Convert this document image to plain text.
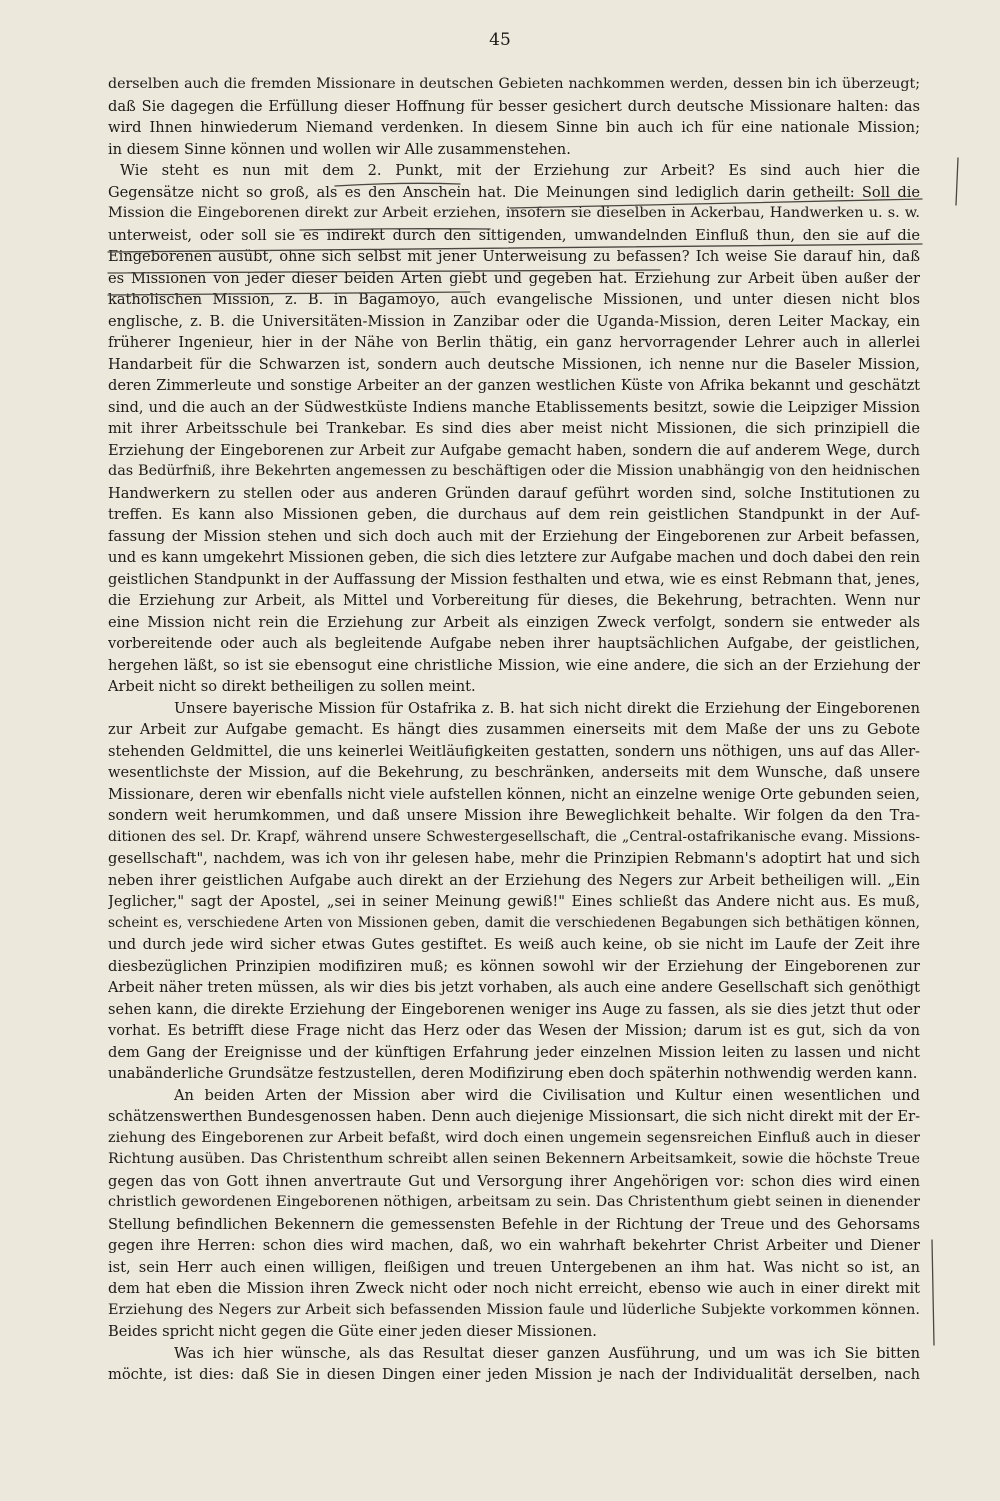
45
derselben auch die fremden Missionare in deutschen Gebieten nachkommen werden, dessen bin ich überzeugt;
daß Sie dagegen die Erfüllung dieser Hoffnung für besser gesichert durch deutsche Missionare halten: das
wird Ihnen hinwiederum Niemand verdenken. In diesem Sinne bin auch ich für eine nationale Mission;
in diesem Sinne können und wollen wir Alle zusammenstehen.
Wie steht es nun mit dem 2. Punkt, mit der Erziehung zur Arbeit? Es sind auch hier die
Gegensätze nicht so groß, als es den Anschein hat. Die Meinungen sind lediglich darin getheilt: Soll die
Mission die Eingeborenen direkt zur Arbeit erziehen, insofern sie dieselben in Ackerbau, Handwerken u. s. w.
unterweist, oder soll sie es indirekt durch den sittigenden, umwandelnden Einfluß thun, den sie auf die
Eingeborenen ausübt, ohne sich selbst mit jener Unterweisung zu befassen? Ich weise Sie darauf hin, daß
es Missionen von jeder dieser beiden Arten giebt und gegeben hat. Erziehung zur Arbeit üben außer der
katholischen Mission, z. B. in Bagamoyo, auch evangelische Missionen, und unter diesen nicht blos
englische, z. B. die Universitäten-Mission in Zanzibar oder die Uganda-Mission, deren Leiter Mackay, ein
früherer Ingenieur, hier in der Nähe von Berlin thätig, ein ganz hervorragender Lehrer auch in allerlei
Handarbeit für die Schwarzen ist, sondern auch deutsche Missionen, ich nenne nur die Baseler Mission,
deren Zimmerleute und sonstige Arbeiter an der ganzen westlichen Küste von Afrika bekannt und geschätzt
sind, und die auch an der Südwestküste Indiens manche Etablissements besitzt, sowie die Leipziger Mission
mit ihrer Arbeitsschule bei Trankebar. Es sind dies aber meist nicht Missionen, die sich prinzipiell die
Erziehung der Eingeborenen zur Arbeit zur Aufgabe gemacht haben, sondern die auf anderem Wege, durch
das Bedürfniß, ihre Bekehrten angemessen zu beschäftigen oder die Mission unabhängig von den heidnischen
Handwerkern zu stellen oder aus anderen Gründen darauf geführt worden sind, solche Institutionen zu
treffen. Es kann also Missionen geben, die durchaus auf dem rein geistlichen Standpunkt in der Auf-
fassung der Mission stehen und sich doch auch mit der Erziehung der Eingeborenen zur Arbeit befassen,
und es kann umgekehrt Missionen geben, die sich dies letztere zur Aufgabe machen und doch dabei den rein
geistlichen Standpunkt in der Auffassung der Mission festhalten und etwa, wie es einst Rebmann that, jenes,
die Erziehung zur Arbeit, als Mittel und Vorbereitung für dieses, die Bekehrung, betrachten. Wenn nur
eine Mission nicht rein die Erziehung zur Arbeit als einzigen Zweck verfolgt, sondern sie entweder als
vorbereitende oder auch als begleitende Aufgabe neben ihrer hauptsächlichen Aufgabe, der geistlichen,
hergehen läßt, so ist sie ebensogut eine christliche Mission, wie eine andere, die sich an der Erziehung der
Arbeit nicht so direkt betheiligen zu sollen meint.
Unsere bayerische Mission für Ostafrika z. B. hat sich nicht direkt die Erziehung der Eingeborenen
zur Arbeit zur Aufgabe gemacht. Es hängt dies zusammen einerseits mit dem Maße der uns zu Gebote
stehenden Geldmittel, die uns keinerlei Weitläufigkeiten gestatten, sondern uns nöthigen, uns auf das Aller-
wesentlichste der Mission, auf die Bekehrung, zu beschränken, anderseits mit dem Wunsche, daß unsere
Missionare, deren wir ebenfalls nicht viele aufstellen können, nicht an einzelne wenige Orte gebunden seien,
sondern weit herumkommen, und daß unsere Mission ihre Beweglichkeit behalte. Wir folgen da den Tra-
ditionen des sel. Dr. Krapf, während unsere Schwestergesellschaft, die „Central-ostafrikanische evang. Missions-
gesellschaft", nachdem, was ich von ihr gelesen habe, mehr die Prinzipien Rebmann's adoptirt hat und sich
neben ihrer geistlichen Aufgabe auch direkt an der Erziehung des Negers zur Arbeit betheiligen will. „Ein
Jeglicher," sagt der Apostel, „sei in seiner Meinung gewiß!" Eines schließt das Andere nicht aus. Es muß,
scheint es, verschiedene Arten von Missionen geben, damit die verschiedenen Begabungen sich bethätigen können,
und durch jede wird sicher etwas Gutes gestiftet. Es weiß auch keine, ob sie nicht im Laufe der Zeit ihre
diesbezüglichen Prinzipien modifiziren muß; es können sowohl wir der Erziehung der Eingeborenen zur
Arbeit näher treten müssen, als wir dies bis jetzt vorhaben, als auch eine andere Gesellschaft sich genöthigt
sehen kann, die direkte Erziehung der Eingeborenen weniger ins Auge zu fassen, als sie dies jetzt thut oder
vorhat. Es betrifft diese Frage nicht das Herz oder das Wesen der Mission; darum ist es gut, sich da von
dem Gang der Ereignisse und der künftigen Erfahrung jeder einzelnen Mission leiten zu lassen und nicht
unabänderliche Grundsätze festzustellen, deren Modifizirung eben doch späterhin nothwendig werden kann.
An beiden Arten der Mission aber wird die Civilisation und Kultur einen wesentlichen und
schätzenswerthen Bundesgenossen haben. Denn auch diejenige Missionsart, die sich nicht direkt mit der Er-
ziehung des Eingeborenen zur Arbeit befaßt, wird doch einen ungemein segensreichen Einfluß auch in dieser
Richtung ausüben. Das Christenthum schreibt allen seinen Bekennern Arbeitsamkeit, sowie die höchste Treue
gegen das von Gott ihnen anvertraute Gut und Versorgung ihrer Angehörigen vor: schon dies wird einen
christlich gewordenen Eingeborenen nöthigen, arbeitsam zu sein. Das Christenthum giebt seinen in dienender
Stellung befindlichen Bekennern die gemessensten Befehle in der Richtung der Treue und des Gehorsams
gegen ihre Herren: schon dies wird machen, daß, wo ein wahrhaft bekehrter Christ Arbeiter und Diener
ist, sein Herr auch einen willigen, fleißigen und treuen Untergebenen an ihm hat. Was nicht so ist, an
dem hat eben die Mission ihren Zweck nicht oder noch nicht erreicht, ebenso wie auch in einer direkt mit
Erziehung des Negers zur Arbeit sich befassenden Mission faule und lüderliche Subjekte vorkommen können.
Beides spricht nicht gegen die Güte einer jeden dieser Missionen.
Was ich hier wünsche, als das Resultat dieser ganzen Ausführung, und um was ich Sie bitten
möchte, ist dies: daß Sie in diesen Dingen einer jeden Mission je nach der Individualität derselben, nach
